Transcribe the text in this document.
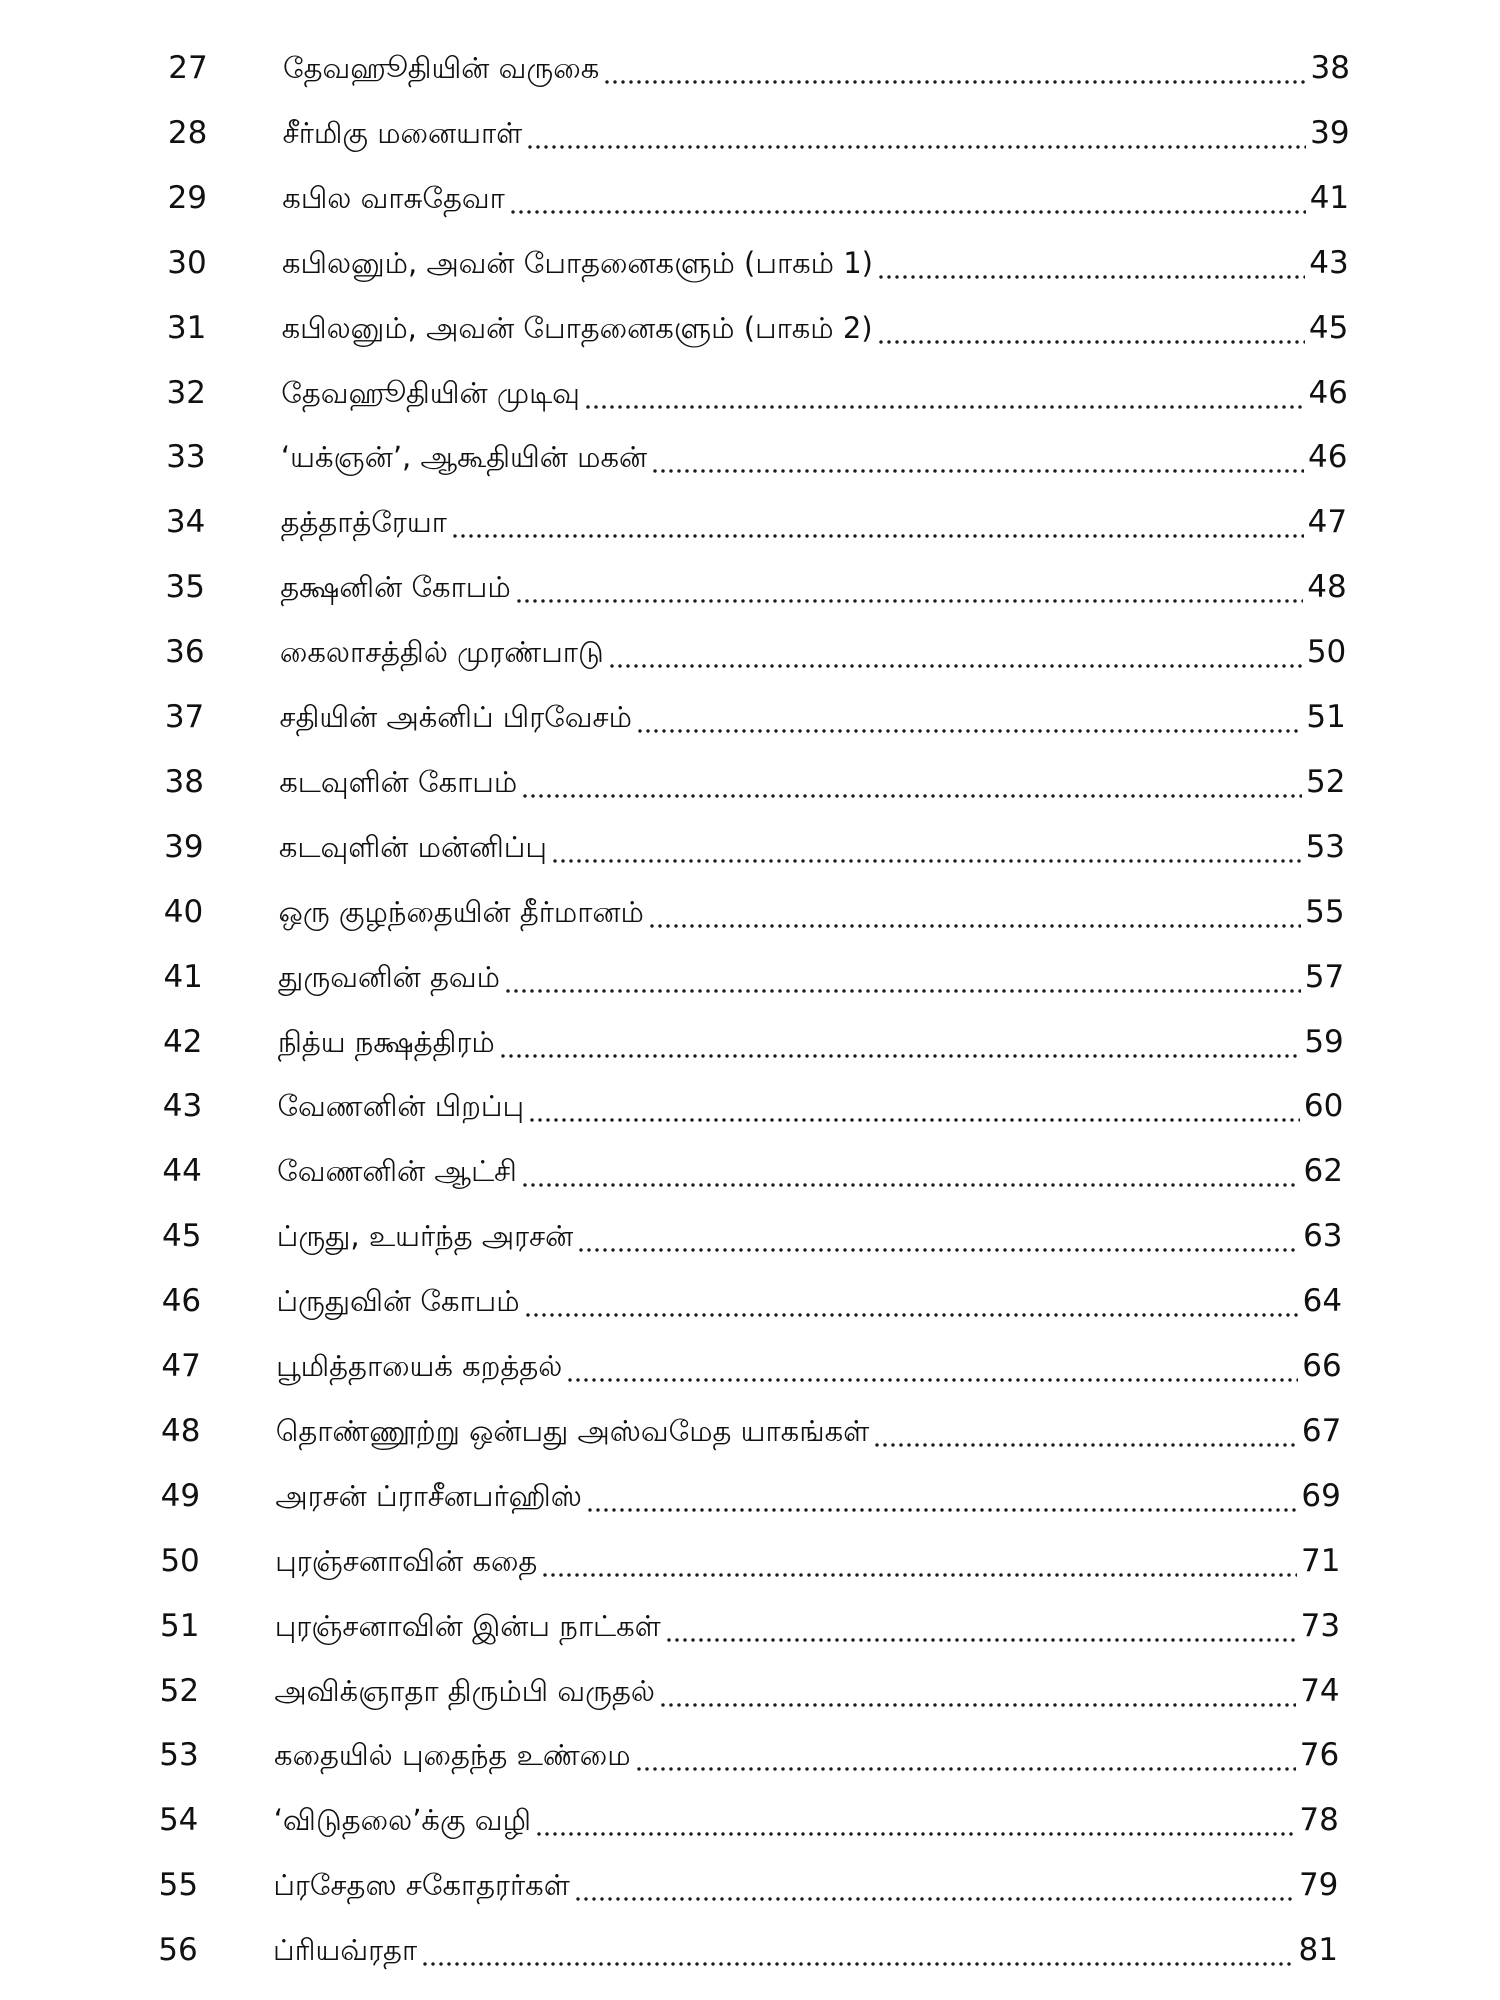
27	தேவஹூதியின் வருகை	38
28	சீர்மிகு மனையாள்	39
29	கபில வாசுதேவா	41
30	கபிலனும், அவன் போதனைகளும் (பாகம் 1)	43
31	கபிலனும், அவன் போதனைகளும் (பாகம் 2)	45
32	தேவஹூதியின் முடிவு	46
33	‘யக்ஞன்’, ஆகூதியின் மகன்	46
34	தத்தாத்ரேயா	47
35	தக்ஷனின் கோபம்	48
36	கைலாசத்தில் முரண்பாடு	50
37	சதியின் அக்னிப் பிரவேசம்	51
38	கடவுளின் கோபம்	52
39	கடவுளின் மன்னிப்பு	53
40	ஒரு குழந்தையின் தீர்மானம்	55
41	துருவனின் தவம்	57
42	நித்ய நக்ஷத்திரம்	59
43	வேணனின் பிறப்பு	60
44	வேணனின் ஆட்சி	62
45	ப்ருது, உயர்ந்த அரசன்	63
46	ப்ருதுவின் கோபம்	64
47	பூமித்தாயைக் கறத்தல்	66
48	தொண்ணூற்று ஒன்பது அஸ்வமேத யாகங்கள்	67
49	அரசன் ப்ராசீனபர்ஹிஸ்	69
50	புரஞ்சனாவின் கதை	71
51	புரஞ்சனாவின் இன்ப நாட்கள்	73
52	அவிக்ஞாதா திரும்பி வருதல்	74
53	கதையில் புதைந்த உண்மை	76
54	‘விடுதலை’க்கு வழி	78
55	ப்ரசேதஸ சகோதரர்கள்	79
56	ப்ரியவ்ரதா	81
